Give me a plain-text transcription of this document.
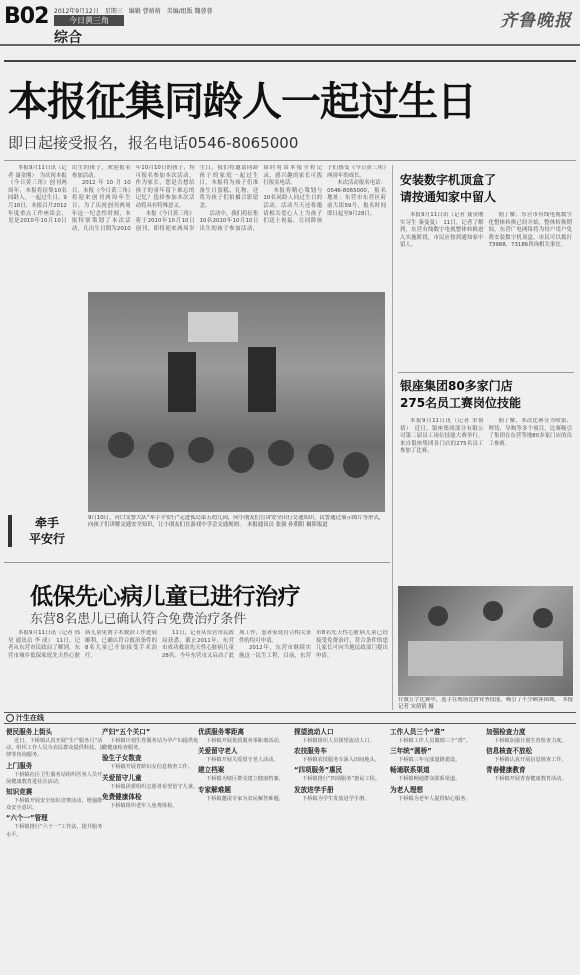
B02 2012年9月12日　星期三　编辑 曹萌萌　美编/组版 魏蓉蓉
今日黄三角
综合
齐鲁晚报
本报征集同龄人一起过生日
即日起接受报名，报名电话0546-8065000

本报9月11日讯（记者 聂金刚）　为庆祝本报《今日黄三角》创刊两周年，本报将征集10名同龄人，一起过生日。9月10日，本报召开2012年度重点工作座谈会，见是2010年10月10日出生的孩子，欢迎报名参加活动。

2012年10月10日，本报《今日黄三角》将迎来创刊两周年生日。为了庆祝创刊两周年这一纪念性时刻，本报特别策划了本次活动，凡出生日期为2010年10月10日的孩子，均可报名参加本次活动，作为家长，您是否想给孩子的童年留下难忘的记忆？选择参加本次活动将具有特殊意义。

本报《今日黄三角》将于2010年10月10日创刊，即将迎来两周岁生日。我们将邀请同龄孩子的家庭一起过生日，本报将为孩子们准备生日蛋糕、礼物，还将为孩子们拍摄合影留念。

活动中，我们将征集10名2010年10月10日出生的孩子参加活动，届时将由本报全程记录，感兴趣的家长可拨打报名电话。

本报将精心策划与10名同龄人同过生日的活动，活动当天还将邀请相关爱心人士为孩子们送上祝福，让同龄孩子们感受《今日黄三角》两周年的成长。

本次活动报名电话：0546-8065000，报名地址：东营市东营区府前大街59号，报名时间即日起至9月28日。

牵手
平安行
9月10日，河口交警大队“牵手平安行”走进孤岛第五幼儿园，向小朋友们宣讲安全出行交通知识，民警通过展示图片等形式，向孩子们讲解交通安全知识，让小朋友们在游戏中学会交通规则。　本报通讯员 张强 孙朝阳 摄影报道
安装数字机顶盒了
请按通知家中留人

本报9月11日讯（记者 聂金刚 实习生 秦曼曼）　11日，记者了解到，东营有线数字电视整体转换进入实施阶段，市民应按到通知家中留人。

据了解，东营市有线电视数字化整体转换已经开始，整体转换期间，东营广电网络将为每户用户免费安装数字机顶盒，市民可以拨打73988、73186咨询相关事宜。

银座集团80多家门店
275名员工赛岗位技能

本报9月11日讯（记者 宋倩倩）　近日，银座集团部分有限公司第二届员工岗位技能大赛举行，来自银座集团各门店的275名员工参加了比赛。

据了解，本次比赛分为收银、理货、导购等多个项目，比赛吸引了集团在东营等地80多家门店的员工参赛。

在做万字比赛中，选手在现场比拼业务技能，吸引了不少顾客围观。　本报记者 宋倩倩 摄
低保先心病儿童已进行治疗
东营8名患儿已确认符合免费治疗条件

本报9月11日讯（记者 邢昊 通讯员 李 成）　11日，记者从东营市民政局了解到，东营市城乡低保家庭先天性心脏病儿童免费手术救治工作进展顺利，已确认符合救治条件的8名儿童已开始接受手术治疗。

11日，记者从东营市民政局获悉，截止2011年，东营市成功救治先天性心脏病儿童28名。今年东营市又启动了此项工作，患者家庭符合相关条件的均可申请。

2012年，东营市继续实施这一民生工程，目前，东营市8名先天性心脏病儿童已经接受免费治疗，符合条件的患儿家长可向当地民政部门提出申请。

汁生在线
便民服务上街头

近日，下桥镇认真开展“生产服务月”活动，组织工作人员为农民群众提供科技、法律等咨询服务。

上门服务

下桥镇社区卫生服务站组织医务人员开展健康教育进社区活动。

知识竞赛

下桥镇开展安全知识竞赛活动，增强群众安全意识。

“六个一”管理

下桥镇推行“六个一”工作法，提升服务水平。

产妇“五个关口”

下桥镇计划生育服务站为孕产妇提供免费健康检查服务。

验生子女数查

下桥镇开展育龄妇女信息核查工作。

关爱留守儿童

下桥镇团委组织志愿者看望留守儿童。

免费健康体检

下桥镇组织老年人免费体检。

优质服务零距离

下桥镇开展优质服务零距离活动。

关爱留守老人

下桥镇开展关爱留守老人活动。

建立档案

下桥镇为辖区群众建立健康档案。

专家解难题

下桥镇邀请专家为农民解答难题。

探望流动人口

下桥镇组织人员探望流动人口。

农技服务车

下桥镇农技服务车深入田间地头。

“四项服务”惠民

下桥镇推行“四项服务”惠民工程。

发放进学手册

下桥镇为学生发放进学手册。

工作人员三个“准”

下桥镇工作人员做到三个“准”。

三年统“圆桥”

下桥镇三年完成道路建设。

畅通联系渠道

下桥镇畅通群众联系渠道。

为老人理想

下桥镇为老年人提供贴心服务。

加强检查力度

下桥镇加强计划生育检查力度。

信息核查不放松

下桥镇认真开展信息核查工作。

青春健康教育

下桥镇开展青春健康教育活动。
